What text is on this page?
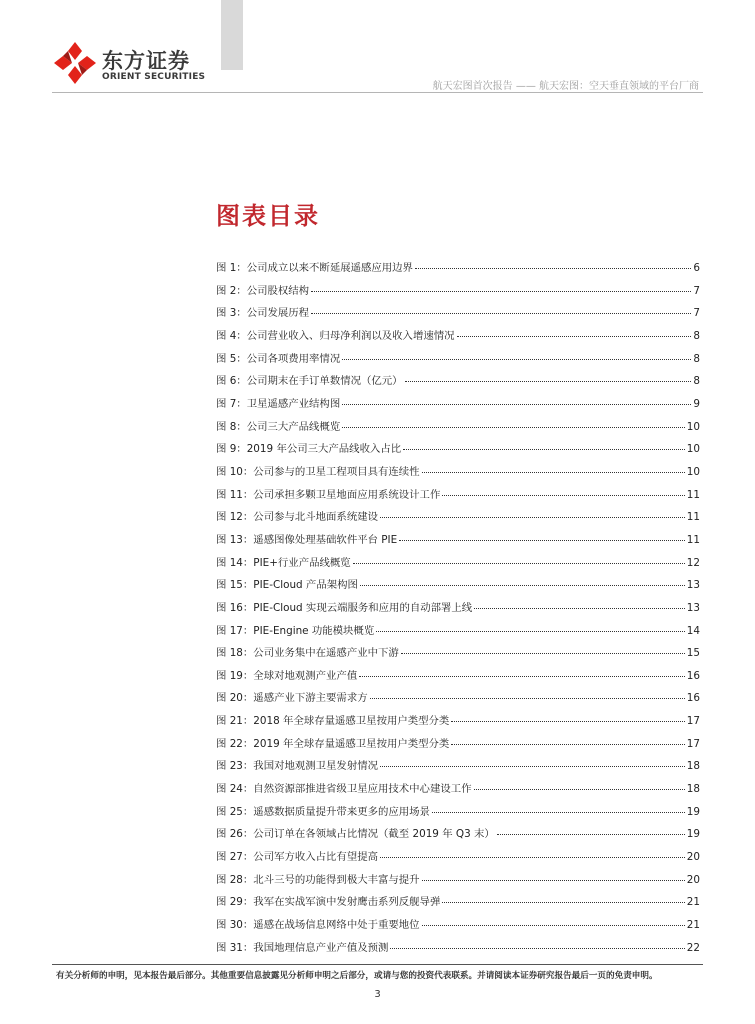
东方证券
ORIENT SECURITIES
航天宏图首次报告 —— 航天宏图：空天垂直领域的平台厂商
图表目录
图 1：公司成立以来不断延展遥感应用边界	6
图 2：公司股权结构	7
图 3：公司发展历程	7
图 4：公司营业收入、归母净利润以及收入增速情况	8
图 5：公司各项费用率情况	8
图 6：公司期末在手订单数情况（亿元）	8
图 7：卫星遥感产业结构图	9
图 8：公司三大产品线概览	10
图 9：2019 年公司三大产品线收入占比	10
图 10：公司参与的卫星工程项目具有连续性	10
图 11：公司承担多颗卫星地面应用系统设计工作	11
图 12：公司参与北斗地面系统建设	11
图 13：遥感图像处理基础软件平台 PIE	11
图 14：PIE+行业产品线概览	12
图 15：PIE-Cloud 产品架构图	13
图 16：PIE-Cloud 实现云端服务和应用的自动部署上线	13
图 17：PIE-Engine 功能模块概览	14
图 18：公司业务集中在遥感产业中下游	15
图 19：全球对地观测产业产值	16
图 20：遥感产业下游主要需求方	16
图 21：2018 年全球存量遥感卫星按用户类型分类	17
图 22：2019 年全球存量遥感卫星按用户类型分类	17
图 23：我国对地观测卫星发射情况	18
图 24：自然资源部推进省级卫星应用技术中心建设工作	18
图 25：遥感数据质量提升带来更多的应用场景	19
图 26：公司订单在各领域占比情况（截至 2019 年 Q3 末）	19
图 27：公司军方收入占比有望提高	20
图 28：北斗三号的功能得到极大丰富与提升	20
图 29：我军在实战军演中发射鹰击系列反舰导弹	21
图 30：遥感在战场信息网络中处于重要地位	21
图 31：我国地理信息产业产值及预测	22
有关分析师的申明，见本报告最后部分。其他重要信息披露见分析师申明之后部分，或请与您的投资代表联系。并请阅读本证券研究报告最后一页的免责申明。
3
